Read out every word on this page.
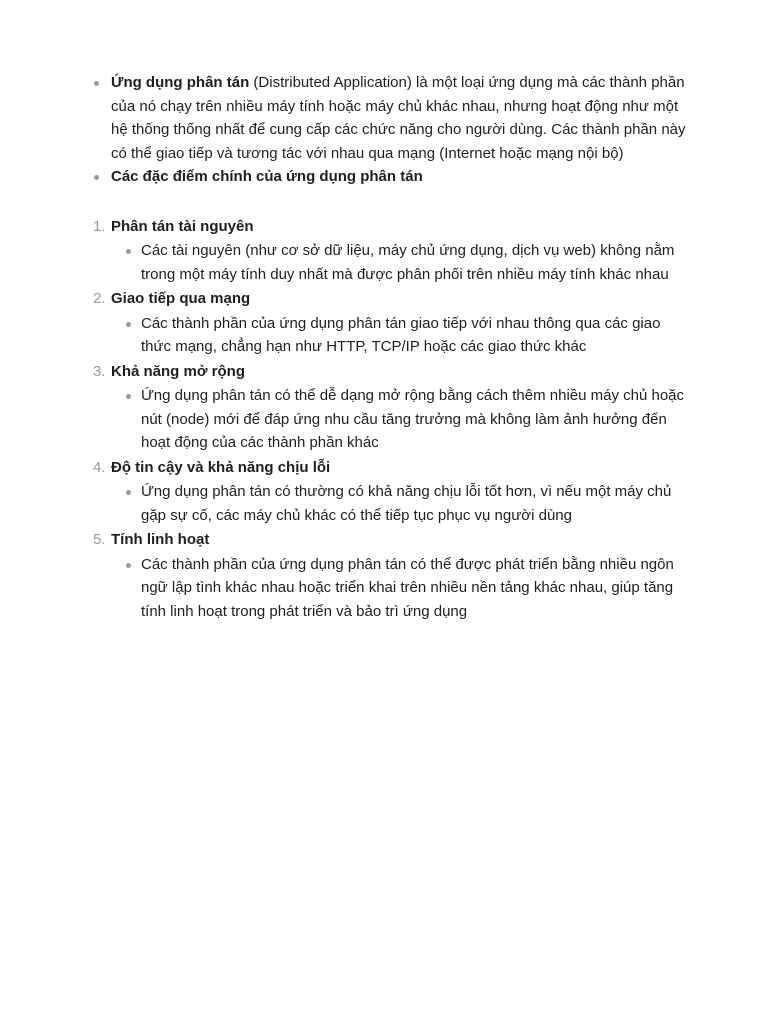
Ứng dụng phân tán (Distributed Application) là một loại ứng dụng mà các thành phần của nó chạy trên nhiều máy tính hoặc máy chủ khác nhau, nhưng hoạt động như một hệ thống thống nhất để cung cấp các chức năng cho người dùng. Các thành phần này có thể giao tiếp và tương tác với nhau qua mạng (Internet hoặc mạng nội bộ)
Các đặc điểm chính của ứng dụng phân tán
1. Phân tán tài nguyên
Các tài nguyên (như cơ sở dữ liệu, máy chủ ứng dụng, dịch vụ web) không nằm trong một máy tính duy nhất mà được phân phối trên nhiều máy tính khác nhau
2. Giao tiếp qua mạng
Các thành phần của ứng dụng phân tán giao tiếp với nhau thông qua các giao thức mạng, chẳng hạn như HTTP, TCP/IP hoặc các giao thức khác
3. Khả năng mở rộng
Ứng dụng phân tán có thể dễ dạng mở rộng bằng cách thêm nhiều máy chủ hoặc nút (node) mới để đáp ứng nhu cầu tăng trưởng mà không làm ảnh hưởng đến hoạt động của các thành phần khác
4. Độ tin cậy và khả năng chịu lỗi
Ứng dụng phân tán có thường có khả năng chịu lỗi tốt hơn, vì nếu một máy chủ gặp sự cố, các máy chủ khác có thể tiếp tục phục vụ người dùng
5. Tính linh hoạt
Các thành phần của ứng dụng phân tán có thể được phát triển bằng nhiều ngôn ngữ lập tình khác nhau hoặc triển khai trên nhiều nền tảng khác nhau, giúp tăng tính linh hoạt trong phát triển và bảo trì ứng dụng
